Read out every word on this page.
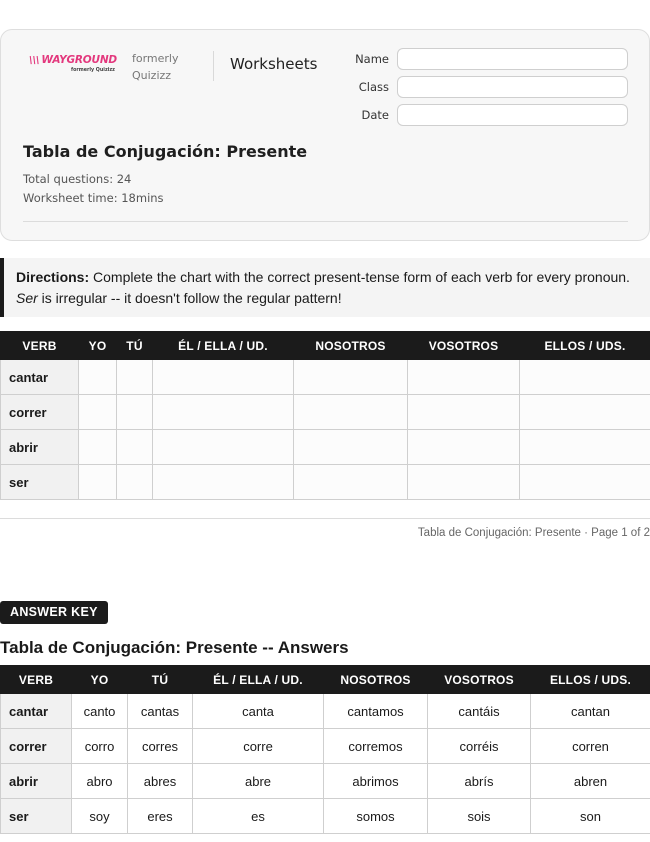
\\\ WAYGROUND
formerly Quizizz
formerly
Quizizz
Worksheets	Name
Class
Date
Tabla de Conjugación: Presente
Total questions: 24
Worksheet time: 18mins
Directions: Complete the chart with the correct present-tense form of each verb for every pronoun.
Ser is irregular -- it doesn't follow the regular pattern!
VERB	YO	TÚ	ÉL / ELLA / UD.	NOSOTROS	VOSOTROS	ELLOS / UDS.
cantar						
correr						
abrir						
ser						
Tabla de Conjugación: Presente · Page 1 of 2
ANSWER KEY
Tabla de Conjugación: Presente -- Answers
VERB	YO	TÚ	ÉL / ELLA / UD.	NOSOTROS	VOSOTROS	ELLOS / UDS.
cantar	canto	cantas	canta	cantamos	cantáis	cantan
correr	corro	corres	corre	corremos	corréis	corren
abrir	abro	abres	abre	abrimos	abrís	abren
ser	soy	eres	es	somos	sois	son
